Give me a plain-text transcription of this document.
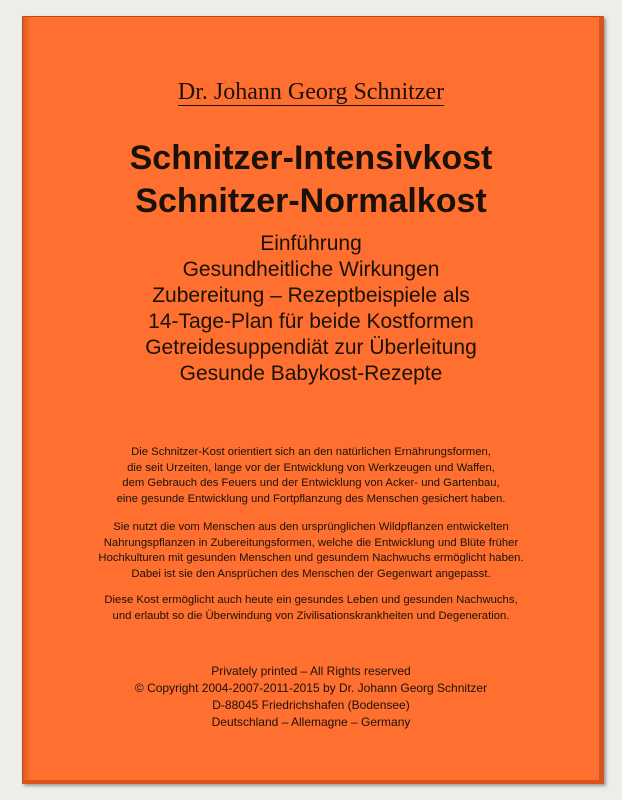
Dr. Johann Georg Schnitzer
Schnitzer-Intensivkost
Schnitzer-Normalkost
Einführung
Gesundheitliche Wirkungen
Zubereitung – Rezeptbeispiele als
14-Tage-Plan für beide Kostformen
Getreidesuppendiät zur Überleitung
Gesunde Babykost-Rezepte
Die Schnitzer-Kost orientiert sich an den natürlichen Ernährungsformen,
die seit Urzeiten, lange vor der Entwicklung von Werkzeugen und Waffen,
dem Gebrauch des Feuers und der Entwicklung von Acker- und Gartenbau,
eine gesunde Entwicklung und Fortpflanzung des Menschen gesichert haben.
Sie nutzt die vom Menschen aus den ursprünglichen Wildpflanzen entwickelten
Nahrungspflanzen in Zubereitungsformen, welche die Entwicklung und Blüte früher
Hochkulturen mit gesunden Menschen und gesundem Nachwuchs ermöglicht haben.
Dabei ist sie den Ansprüchen des Menschen der Gegenwart angepasst.
Diese Kost ermöglicht auch heute ein gesundes Leben und gesunden Nachwuchs,
und erlaubt so die Überwindung von Zivilisationskrankheiten und Degeneration.
Privately printed – All Rights reserved
© Copyright 2004-2007-2011-2015 by Dr. Johann Georg Schnitzer
D-88045 Friedrichshafen (Bodensee)
Deutschland – Allemagne – Germany
